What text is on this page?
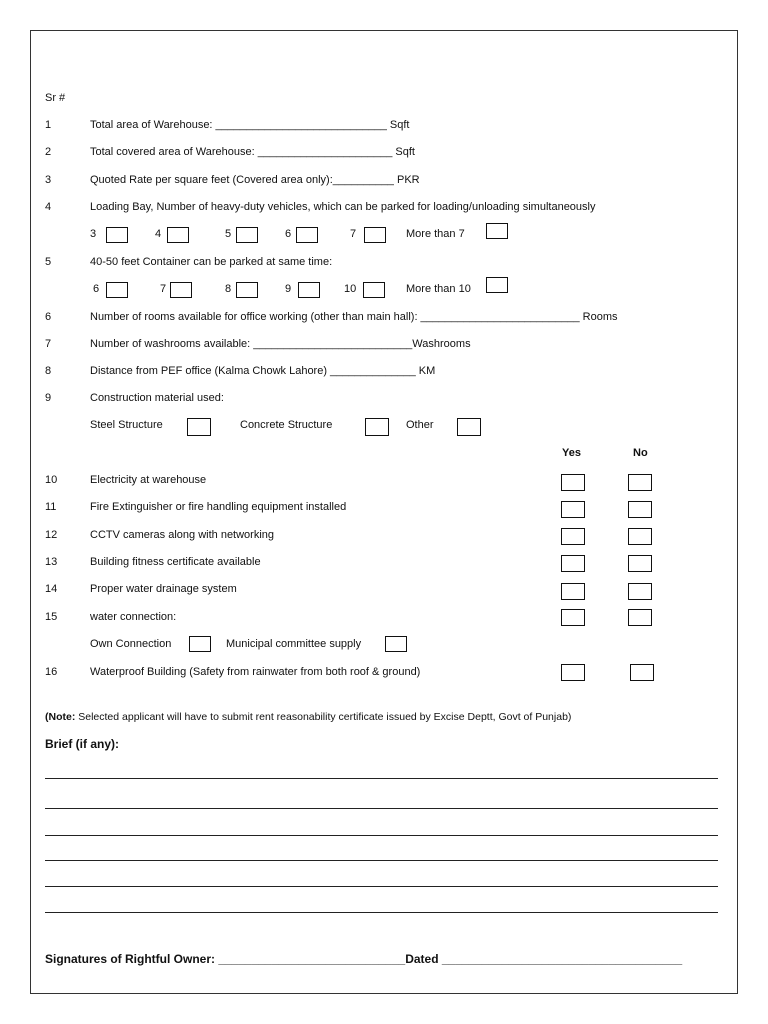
Sr #
1	Total area of Warehouse: ____________________________ Sqft
2	Total covered area of Warehouse: ______________________ Sqft
3	Quoted Rate per square feet (Covered area only):__________ PKR
4	Loading Bay, Number of heavy-duty vehicles, which can be parked for loading/unloading simultaneously
3	4	5	6	7	More than 7
5	40-50 feet Container can be parked at same time:
6	7	8	9	10	More than 10
6	Number of rooms available for office working (other than main hall): __________________________ Rooms
7	Number of washrooms available: __________________________Washrooms
8	Distance from PEF office (Kalma Chowk Lahore) ______________ KM
9	Construction material used:
Steel Structure	Concrete Structure	Other
Yes	No
10	Electricity at warehouse
11	Fire Extinguisher or fire handling equipment installed
12	CCTV cameras along with networking
13	Building fitness certificate available
14	Proper water drainage system
15	water connection:
Own Connection	Municipal committee supply
16	Waterproof Building (Safety from rainwater from both roof & ground)
(Note: Selected applicant will have to submit rent reasonability certificate issued by Excise Deptt, Govt of Punjab)
Brief (if any):
Signatures of Rightful Owner: ____________________________Dated ____________________________________
